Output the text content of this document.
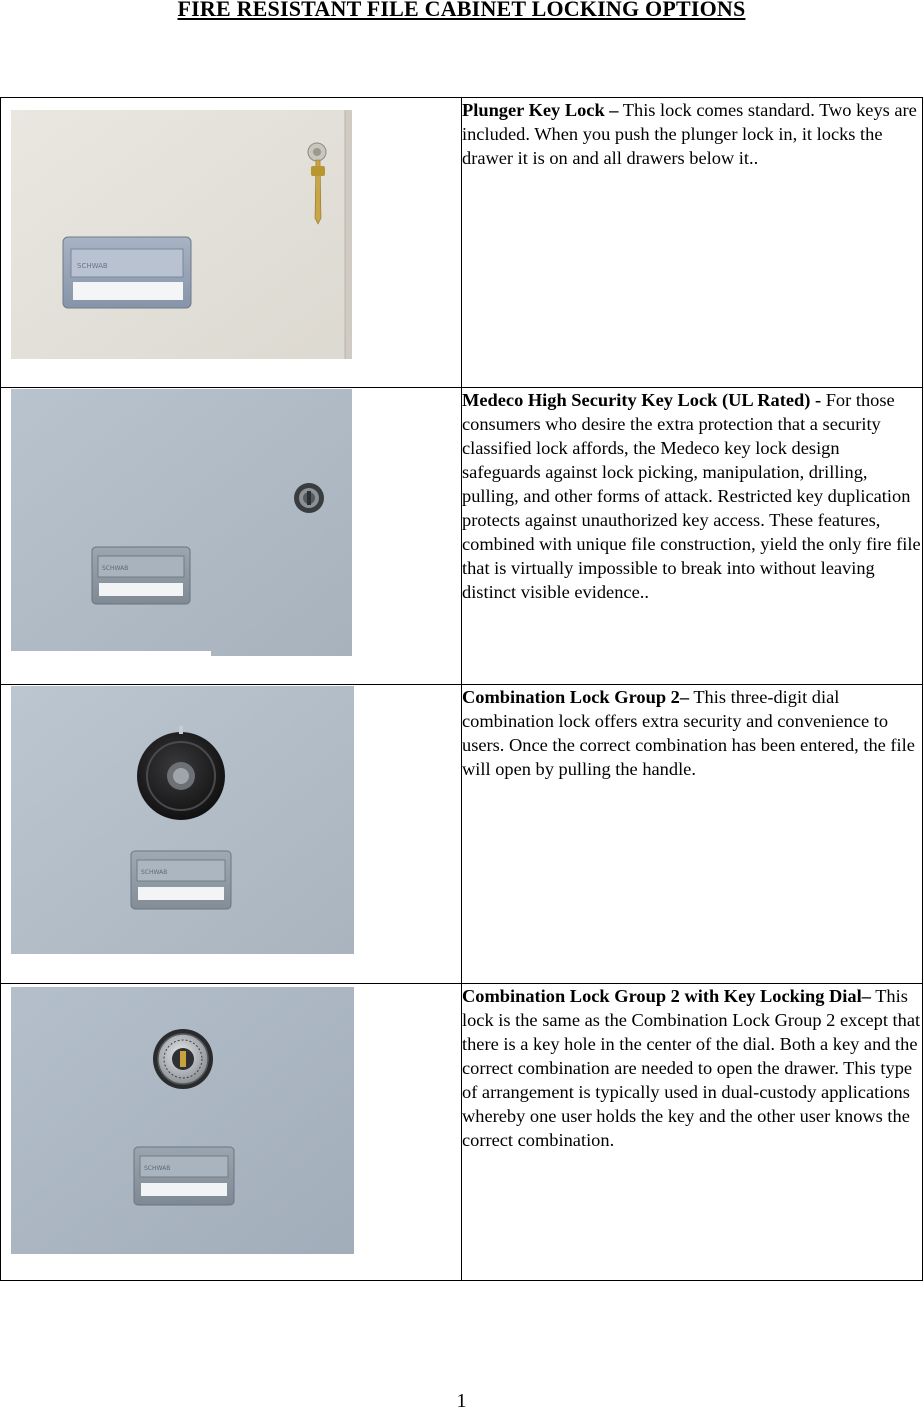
FIRE RESISTANT FILE CABINET LOCKING OPTIONS
SCHWAB	Plunger Key Lock – This lock comes standard. Two keys are included. When you push the plunger lock in, it locks the drawer it is on and all drawers below it..

SCHWAB	Medeco High Security Key Lock (UL Rated) - For those consumers who desire the extra protection that a security classified lock affords, the Medeco key lock design safeguards against lock picking, manipulation, drilling, pulling, and other forms of attack. Restricted key duplication protects against unauthorized key access. These features, combined with unique file construction, yield the only fire file that is virtually impossible to break into without leaving distinct visible evidence..

SCHWAB	Combination Lock Group 2– This three-digit dial combination lock offers extra security and convenience to users. Once the correct combination has been entered, the file will open by pulling the handle.

SCHWAB	Combination Lock Group 2 with Key Locking Dial– This lock is the same as the Combination Lock Group 2 except that there is a key hole in the center of the dial. Both a key and the correct combination are needed to open the drawer. This type of arrangement is typically used in dual-custody applications whereby one user holds the key and the other user knows the correct combination.
1
